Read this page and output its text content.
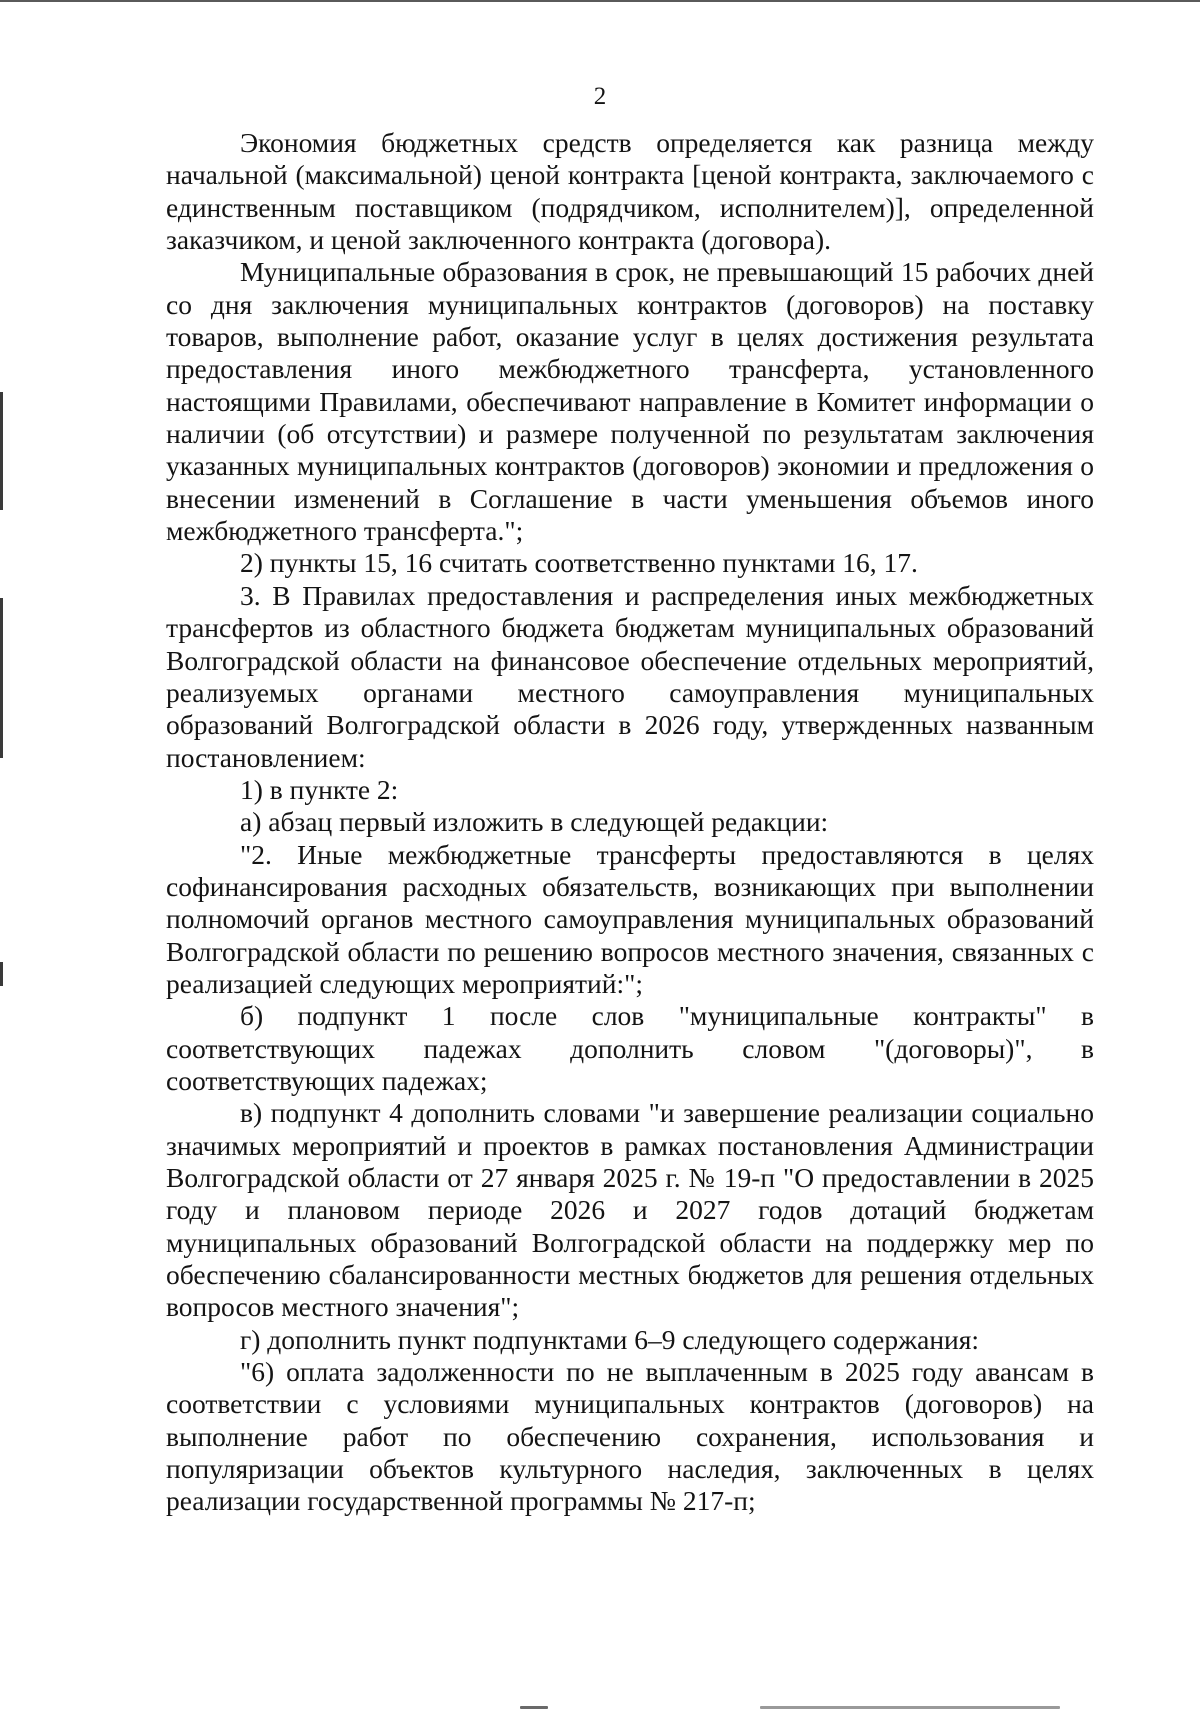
2

Экономия бюджетных средств определяется как разница между начальной (максимальной) ценой контракта [ценой контракта, заключаемого с единственным поставщиком (подрядчиком, исполнителем)], определенной заказчиком, и ценой заключенного контракта (договора).

Муниципальные образования в срок, не превышающий 15 рабочих дней со дня заключения муниципальных контрактов (договоров) на поставку товаров, выполнение работ, оказание услуг в целях достижения результата предоставления иного межбюджетного трансферта, установленного настоящими Правилами, обеспечивают направление в Комитет информации о наличии (об отсутствии) и размере полученной по результатам заключения указанных муниципальных контрактов (договоров) экономии и предложения о внесении изменений в Соглашение в части уменьшения объемов иного межбюджетного трансферта.";

2) пункты 15, 16 считать соответственно пунктами 16, 17.

3. В Правилах предоставления и распределения иных межбюджетных трансфертов из областного бюджета бюджетам муниципальных образований Волгоградской области на финансовое обеспечение отдельных мероприятий, реализуемых органами местного самоуправления муниципальных образований Волгоградской области в 2026 году, утвержденных названным постановлением:

1) в пункте 2:

а) абзац первый изложить в следующей редакции:

"2. Иные межбюджетные трансферты предоставляются в целях софинансирования расходных обязательств, возникающих при выполнении полномочий органов местного самоуправления муниципальных образований Волгоградской области по решению вопросов местного значения, связанных с реализацией следующих мероприятий:";

б) подпункт 1 после слов "муниципальные контракты" в соответствующих падежах дополнить словом "(договоры)", в соответствующих падежах;

в) подпункт 4 дополнить словами "и завершение реализации социально значимых мероприятий и проектов в рамках постановления Администрации Волгоградской области от 27 января 2025 г. № 19-п "О предоставлении в 2025 году и плановом периоде 2026 и 2027 годов дотаций бюджетам муниципальных образований Волгоградской области на поддержку мер по обеспечению сбалансированности местных бюджетов для решения отдельных вопросов местного значения";

г) дополнить пункт подпунктами 6–9 следующего содержания:

"6) оплата задолженности по не выплаченным в 2025 году авансам в соответствии с условиями муниципальных контрактов (договоров) на выполнение работ по обеспечению сохранения, использования и популяризации объектов культурного наследия, заключенных в целях реализации государственной программы № 217-п;
